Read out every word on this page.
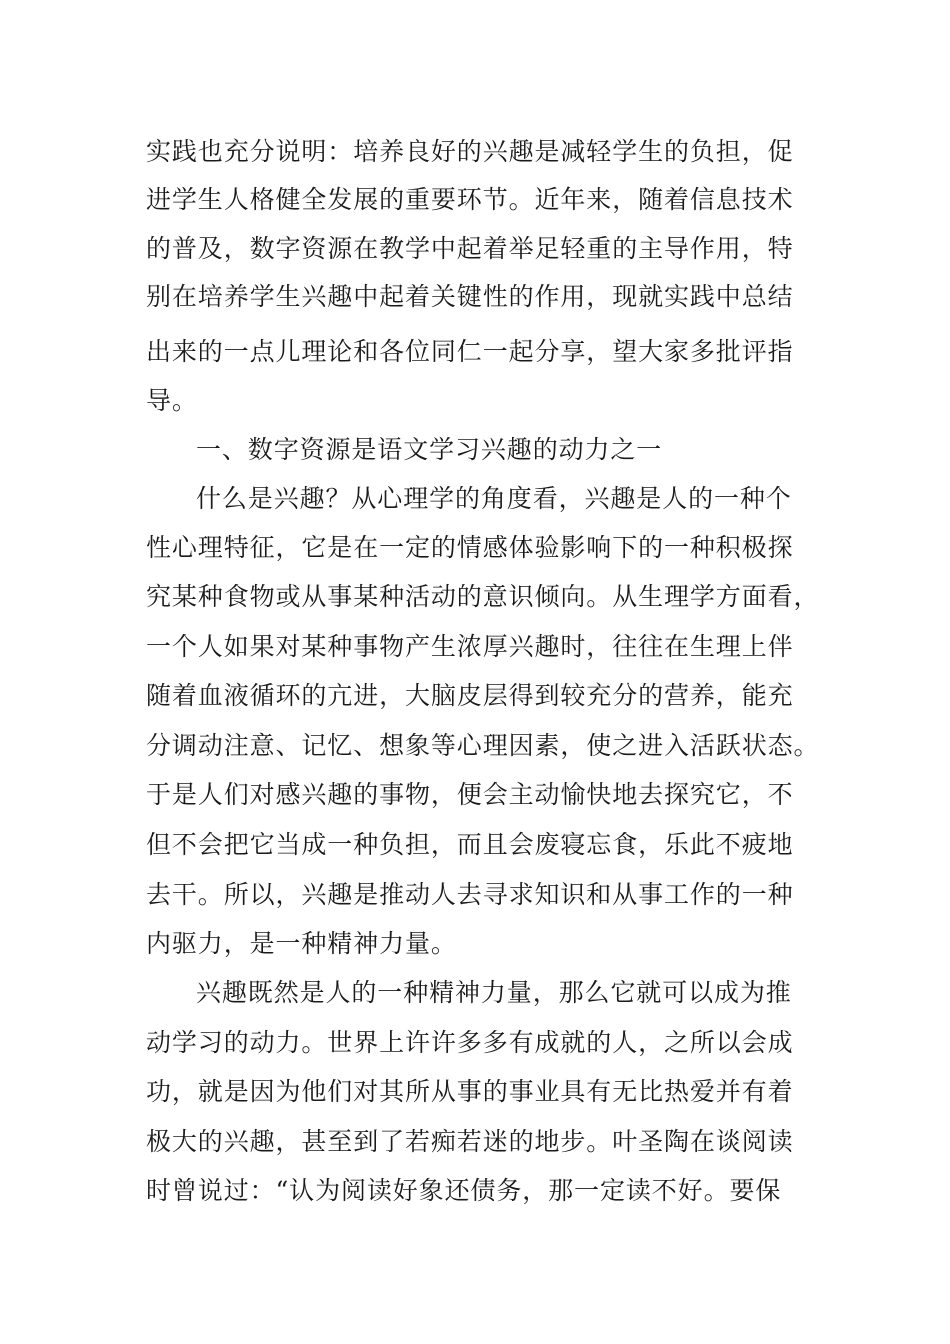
实践也充分说明：培养良好的兴趣是减轻学生的负担，促
进学生人格健全发展的重要环节。近年来，随着信息技术
的普及，数字资源在教学中起着举足轻重的主导作用，特
别在培养学生兴趣中起着关键性的作用，现就实践中总结
出来的一点儿理论和各位同仁一起分享，望大家多批评指
导。
一、数字资源是语文学习兴趣的动力之一
什么是兴趣？从心理学的角度看，兴趣是人的一种个
性心理特征，它是在一定的情感体验影响下的一种积极探
究某种食物或从事某种活动的意识倾向。从生理学方面看，
一个人如果对某种事物产生浓厚兴趣时，往往在生理上伴
随着血液循环的亢进，大脑皮层得到较充分的营养，能充
分调动注意、记忆、想象等心理因素，使之进入活跃状态。
于是人们对感兴趣的事物，便会主动愉快地去探究它，不
但不会把它当成一种负担，而且会废寝忘食，乐此不疲地
去干。所以，兴趣是推动人去寻求知识和从事工作的一种
内驱力，是一种精神力量。
兴趣既然是人的一种精神力量，那么它就可以成为推
动学习的动力。世界上许许多多有成就的人，之所以会成
功，就是因为他们对其所从事的事业具有无比热爱并有着
极大的兴趣，甚至到了若痴若迷的地步。叶圣陶在谈阅读
时曾说过：“认为阅读好象还债务，那一定读不好。要保
